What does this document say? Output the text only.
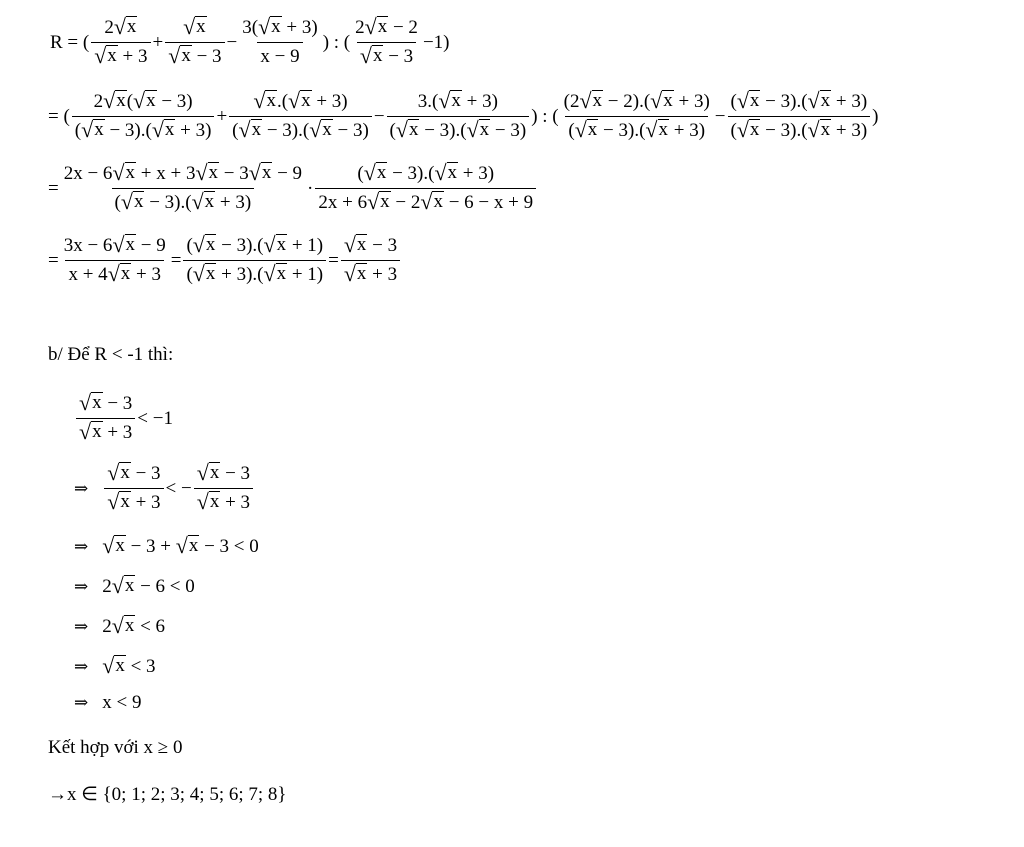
R = ( $\frac{2 √ x}{√ x + 3} + \frac{√ x}{√ x - 3} - \frac{3( √ x + 3)}{x - 9}$ ) : ( $\frac{2 √ x - 2}{√ x - 3} -1$)
= ( $\frac{2 √ x ( √ x - 3)}{( √ x - 3).( √ x + 3)} + \frac{√ x .( √ x + 3)}{( √ x - 3).( √ x - 3)} - \frac{3.( √ x + 3)}{( √ x - 3).( √ x - 3)}$ ) : ( $\frac{(2 √ x - 2).( √ x + 3)}{( √ x - 3).( √ x + 3)} - \frac{( √ x - 3).( √ x + 3)}{( √ x - 3).( √ x + 3)}$ )
= $\frac{2x - 6 √ x + x + 3 √ x - 3 √ x - 9}{( √ x - 3).( √ x + 3)} \cdot \frac{( √ x - 3).( √ x + 3)}{2x + 6 √ x - 2 √ x - 6 - x + 9}$
= $\frac{3x - 6 √ x - 9}{x + 4 √ x + 3} = \frac{( √ x - 3).( √ x + 1)}{( √ x + 3).( √ x + 1)} = \frac{√ x - 3}{√ x + 3}$
b/ Để R < -1 thì:
$\frac{√ x - 3}{√ x + 3} < -1$
⇒ $\frac{√ x - 3}{√ x + 3}$ < − $\frac{√ x - 3}{√ x + 3}$
⇒ √ x − 3 + √ x − 3 < 0
⇒ 2 √ x − 6 < 0
⇒ 2 √ x < 6
⇒ √ x < 3
⇒ x < 9
Kết hợp với x ≥ 0
→x ∈ {0; 1; 2; 3; 4; 5; 6; 7; 8}
